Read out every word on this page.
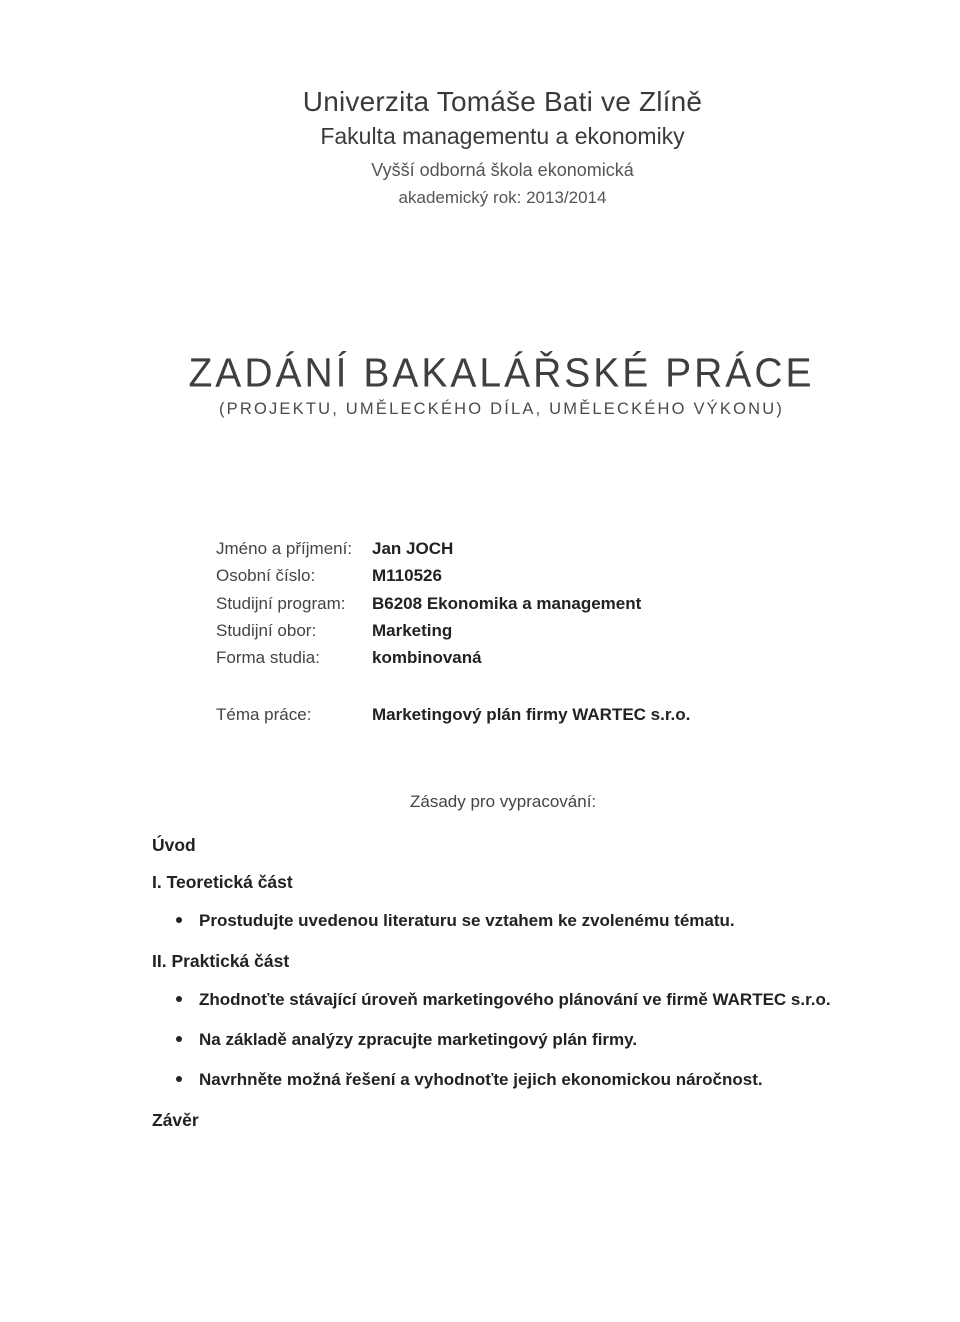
Univerzita Tomáše Bati ve Zlíně
Fakulta managementu a ekonomiky
Vyšší odborná škola ekonomická
akademický rok: 2013/2014
ZADÁNÍ BAKALÁŘSKÉ PRÁCE
(PROJEKTU, UMĚLECKÉHO DÍLA, UMĚLECKÉHO VÝKONU)
Jméno a příjmení: Jan JOCH
Osobní číslo:	M110526
Studijní program: B6208 Ekonomika a management
Studijní obor:	Marketing
Forma studia:	kombinovaná
Téma práce:	Marketingový plán firmy WARTEC s.r.o.
Zásady pro vypracování:
Úvod
I. Teoretická část
Prostudujte uvedenou literaturu se vztahem ke zvolenému tématu.
II. Praktická část
Zhodnoťte stávající úroveň marketingového plánování ve firmě WARTEC s.r.o.
Na základě analýzy zpracujte marketingový plán firmy.
Navrhněte možná řešení a vyhodnoťte jejich ekonomickou náročnost.
Závěr
